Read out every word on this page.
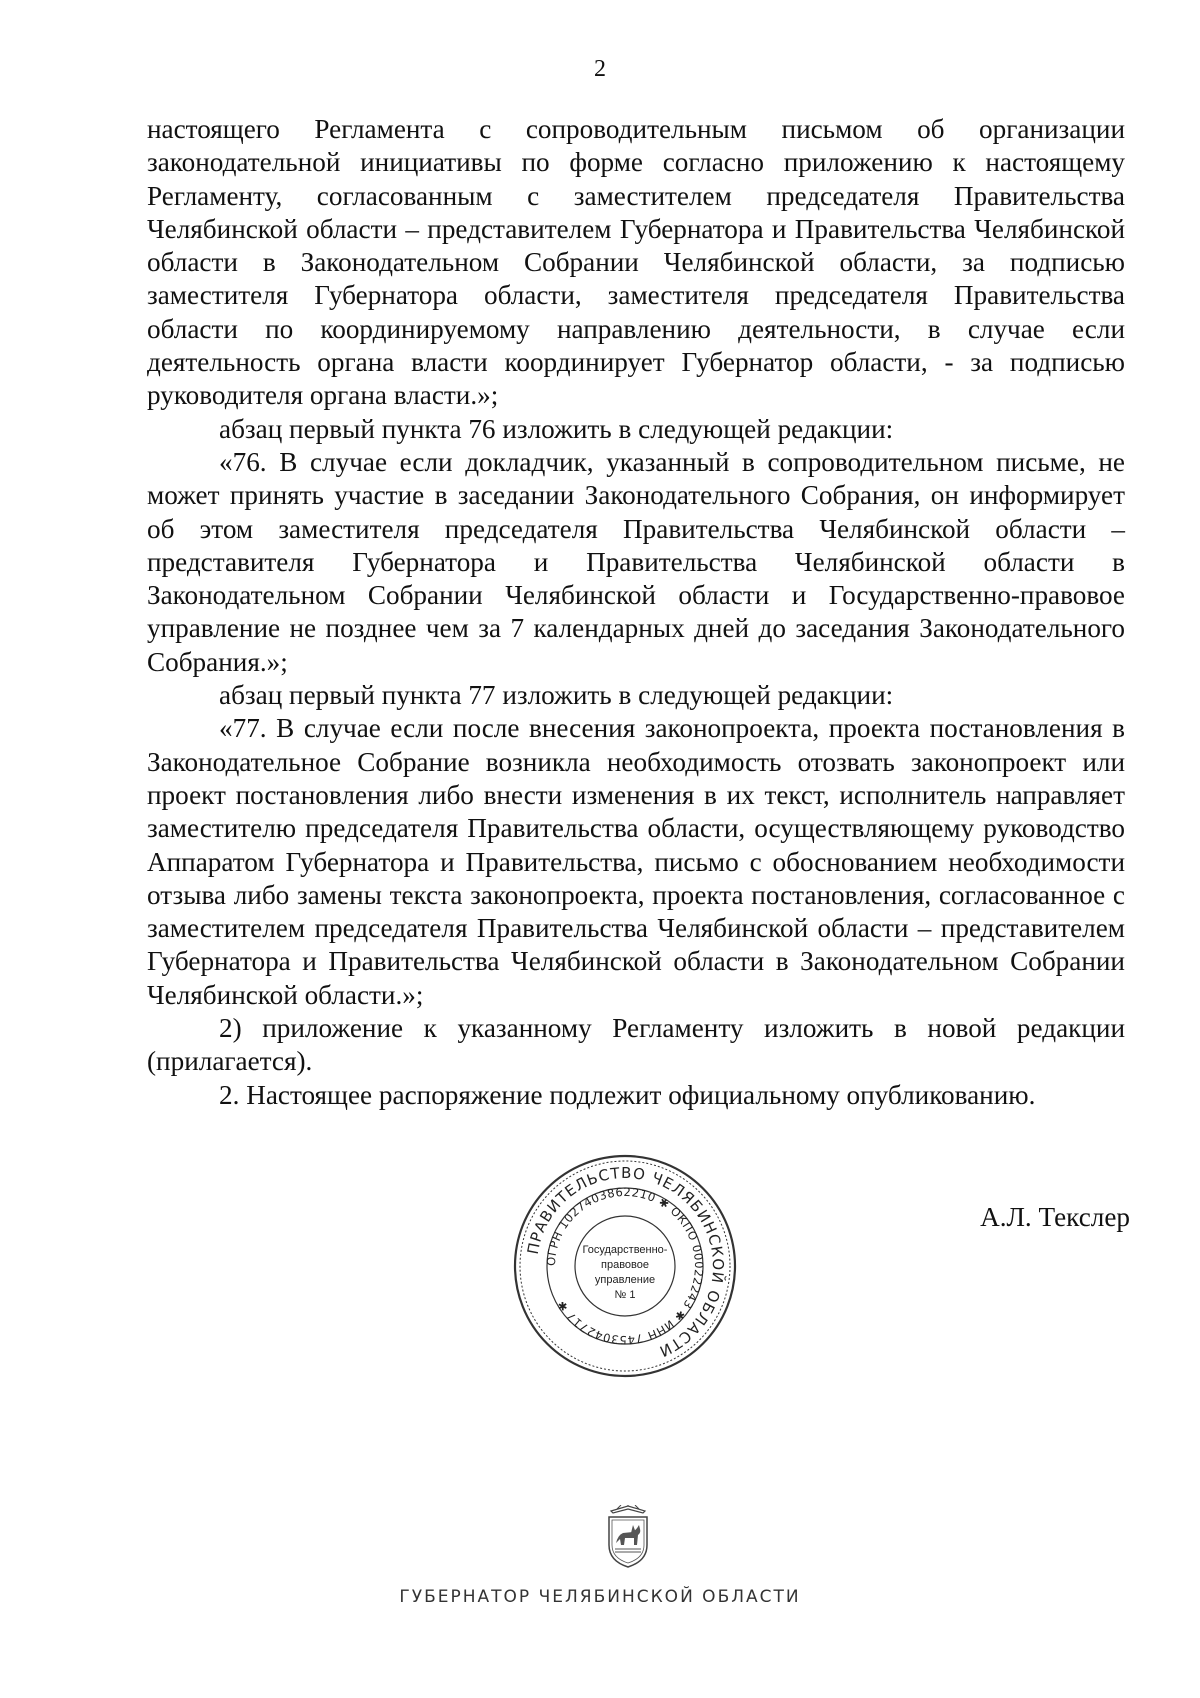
2

настоящего Регламента с сопроводительным письмом об организации законодательной инициативы по форме согласно приложению к настоящему Регламенту, согласованным с заместителем председателя Правительства Челябинской области – представителем Губернатора и Правительства Челябинской области в Законодательном Собрании Челябинской области, за подписью заместителя Губернатора области, заместителя председателя Правительства области по координируемому направлению деятельности, в случае если деятельность органа власти координирует Губернатор области, - за подписью руководителя органа власти.»;

абзац первый пункта 76 изложить в следующей редакции:

«76. В случае если докладчик, указанный в сопроводительном письме, не может принять участие в заседании Законодательного Собрания, он информирует об этом заместителя председателя Правительства Челябинской области – представителя Губернатора и Правительства Челябинской области в Законодательном Собрании Челябинской области и Государственно-правовое управление не позднее чем за 7 календарных дней до заседания Законодательного Собрания.»;

абзац первый пункта 77 изложить в следующей редакции:

«77. В случае если после внесения законопроекта, проекта постановления в Законодательное Собрание возникла необходимость отозвать законопроект или проект постановления либо внести изменения в их текст, исполнитель направляет заместителю председателя Правительства области, осуществляющему руководство Аппаратом Губернатора и Правительства, письмо с обоснованием необходимости отзыва либо замены текста законопроекта, проекта постановления, согласованное с заместителем председателя Правительства Челябинской области – представителем Губернатора и Правительства Челябинской области в Законодательном Собрании Челябинской области.»;

2) приложение к указанному Регламенту изложить в новой редакции (прилагается).

2. Настоящее распоряжение подлежит официальному опубликованию.

ПРАВИТЕЛЬСТВО ЧЕЛЯБИНСКОЙ ОБЛАСТИ
ОГРН 1027403862210 ✱ ОКПО 00022243 ✱ ИНН 7453042717 ✱
Государственно-
правовое
управление
№ 1
А.Л. Текслер
ГУБЕРНАТОР ЧЕЛЯБИНСКОЙ ОБЛАСТИ
